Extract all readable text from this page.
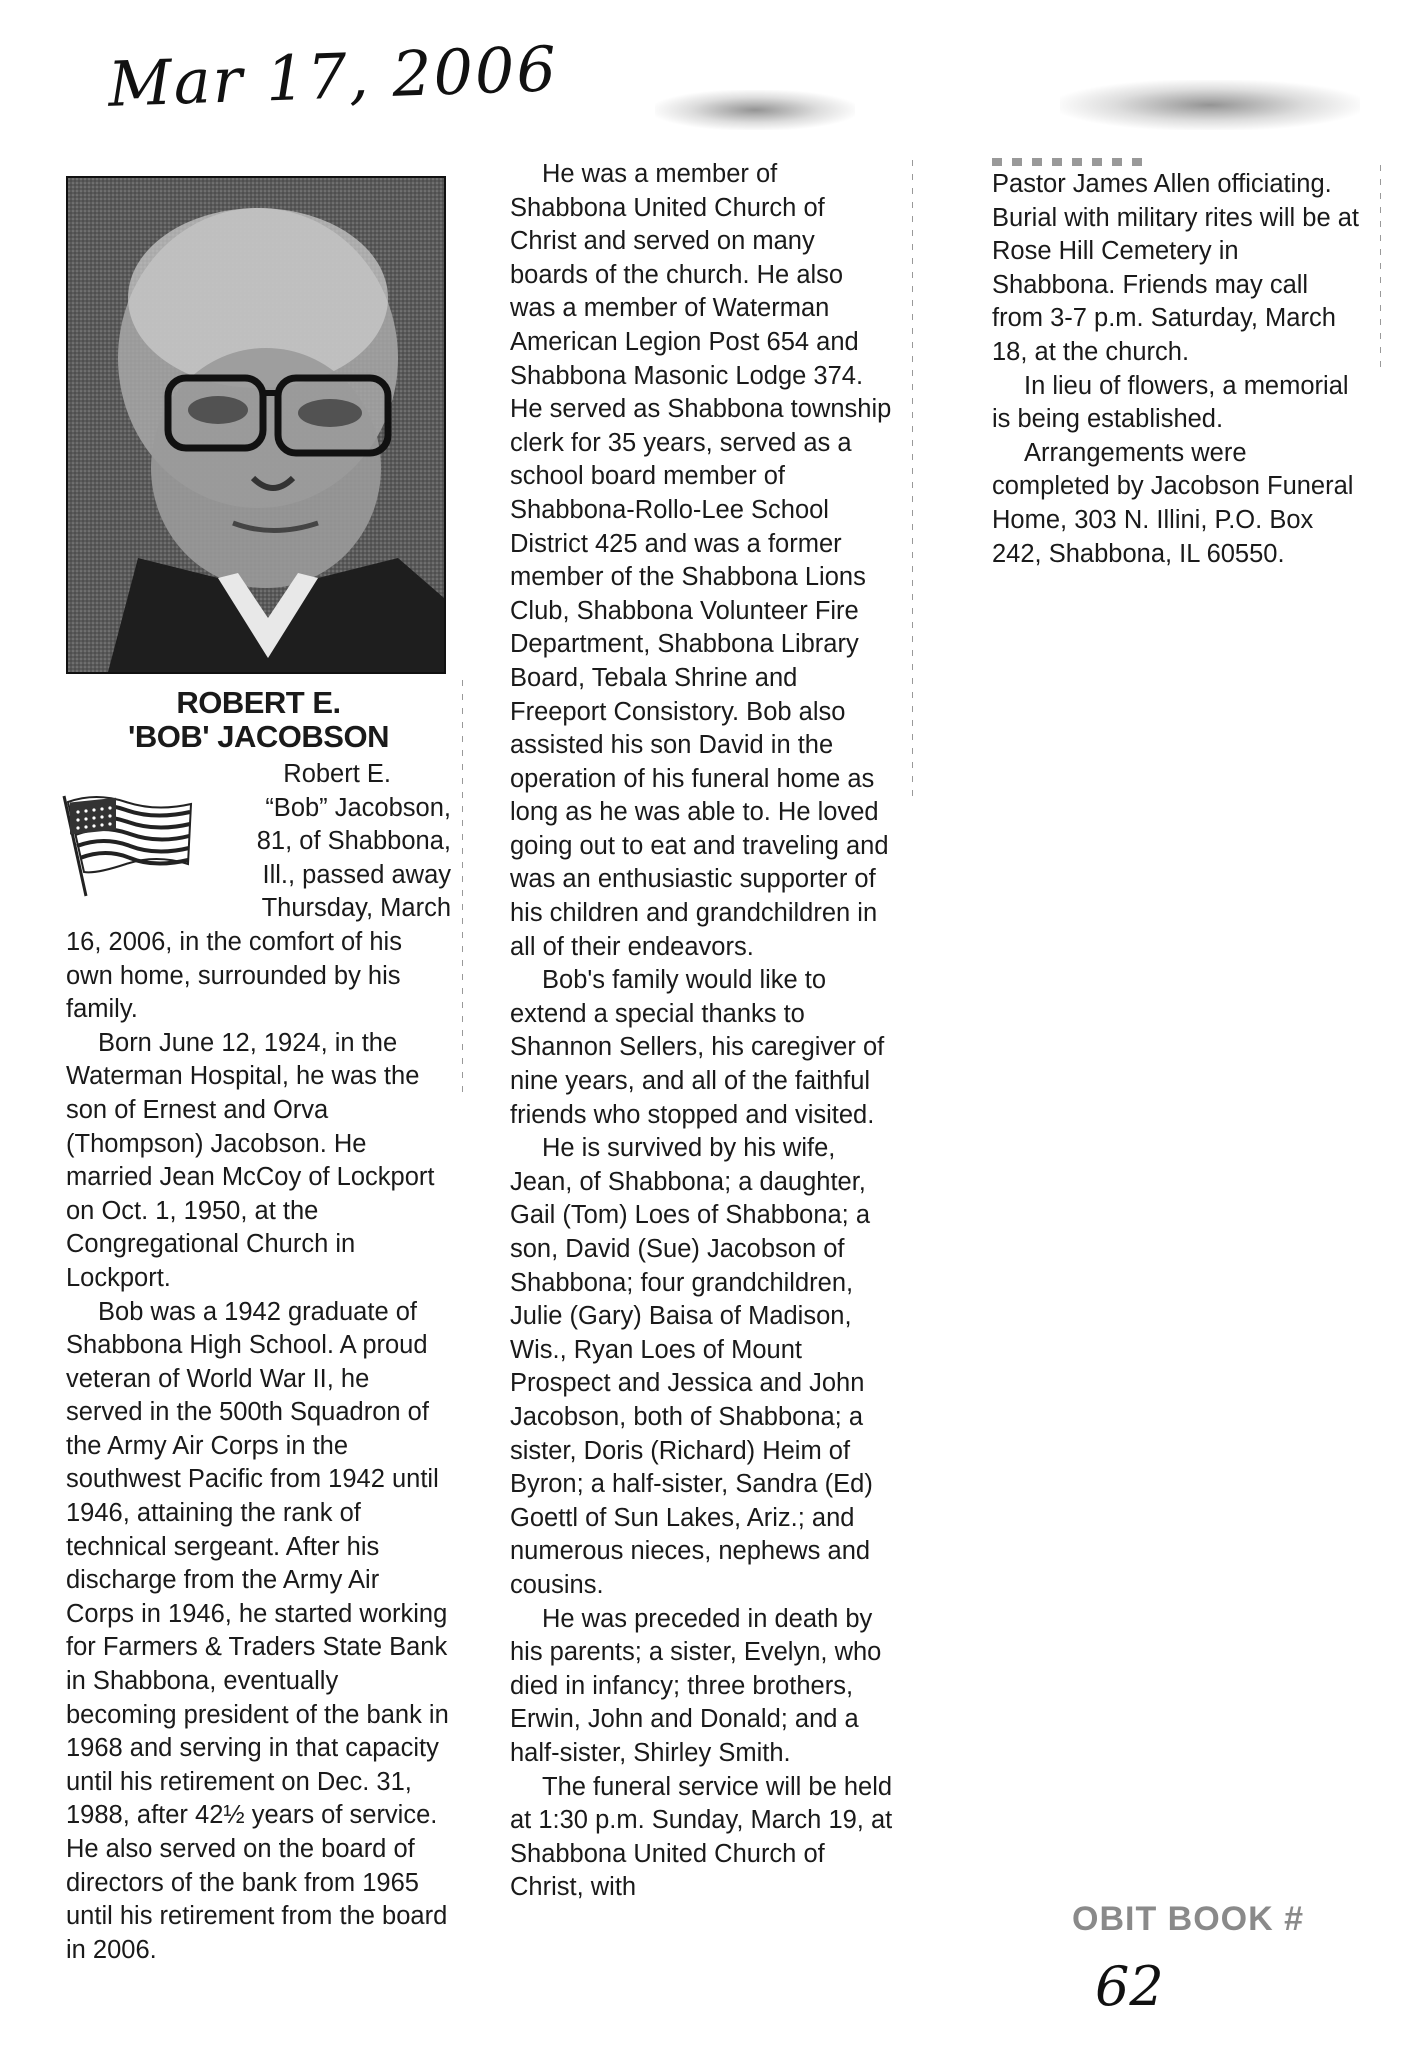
Mar 17, 2006
ROBERT E.
'BOB' JACOBSON
Robert E.
“Bob” Jacobson,
81, of Shabbona,
Ill., passed away
Thursday, March

16, 2006, in the comfort of his own home, surrounded by his family.

Born June 12, 1924, in the Waterman Hospital, he was the son of Ernest and Orva (Thompson) Jacobson. He married Jean McCoy of Lockport on Oct. 1, 1950, at the Congregational Church in Lockport.

Bob was a 1942 graduate of Shabbona High School. A proud veteran of World War II, he served in the 500th Squadron of the Army Air Corps in the southwest Pacific from 1942 until 1946, attaining the rank of technical sergeant. After his discharge from the Army Air Corps in 1946, he started working for Farmers & Traders State Bank in Shabbona, eventually becoming president of the bank in 1968 and serving in that capacity until his retirement on Dec. 31, 1988, after 42½ years of service. He also served on the board of directors of the bank from 1965 until his retirement from the board in 2006.

He was a member of Shabbona United Church of Christ and served on many boards of the church. He also was a member of Waterman American Legion Post 654 and Shabbona Masonic Lodge 374. He served as Shabbona township clerk for 35 years, served as a school board member of Shabbona-Rollo-Lee School District 425 and was a former member of the Shabbona Lions Club, Shabbona Volunteer Fire Department, Shabbona Library Board, Tebala Shrine and Freeport Consistory. Bob also assisted his son David in the operation of his funeral home as long as he was able to. He loved going out to eat and traveling and was an enthusiastic supporter of his children and grandchildren in all of their endeavors.

Bob's family would like to extend a special thanks to Shannon Sellers, his caregiver of nine years, and all of the faithful friends who stopped and visited.

He is survived by his wife, Jean, of Shabbona; a daughter, Gail (Tom) Loes of Shabbona; a son, David (Sue) Jacobson of Shabbona; four grandchildren, Julie (Gary) Baisa of Madison, Wis., Ryan Loes of Mount Prospect and Jessica and John Jacobson, both of Shabbona; a sister, Doris (Richard) Heim of Byron; a half-sister, Sandra (Ed) Goettl of Sun Lakes, Ariz.; and numerous nieces, nephews and cousins.

He was preceded in death by his parents; a sister, Evelyn, who died in infancy; three brothers, Erwin, John and Donald; and a half-sister, Shirley Smith.

The funeral service will be held at 1:30 p.m. Sunday, March 19, at Shabbona United Church of Christ, with

Pastor James Allen officiating. Burial with military rites will be at Rose Hill Cemetery in Shabbona. Friends may call from 3-7 p.m. Saturday, March 18, at the church.

In lieu of flowers, a memorial is being established.

Arrangements were completed by Jacobson Funeral Home, 303 N. Illini, P.O. Box 242, Shabbona, IL 60550.

OBIT BOOK #
62
